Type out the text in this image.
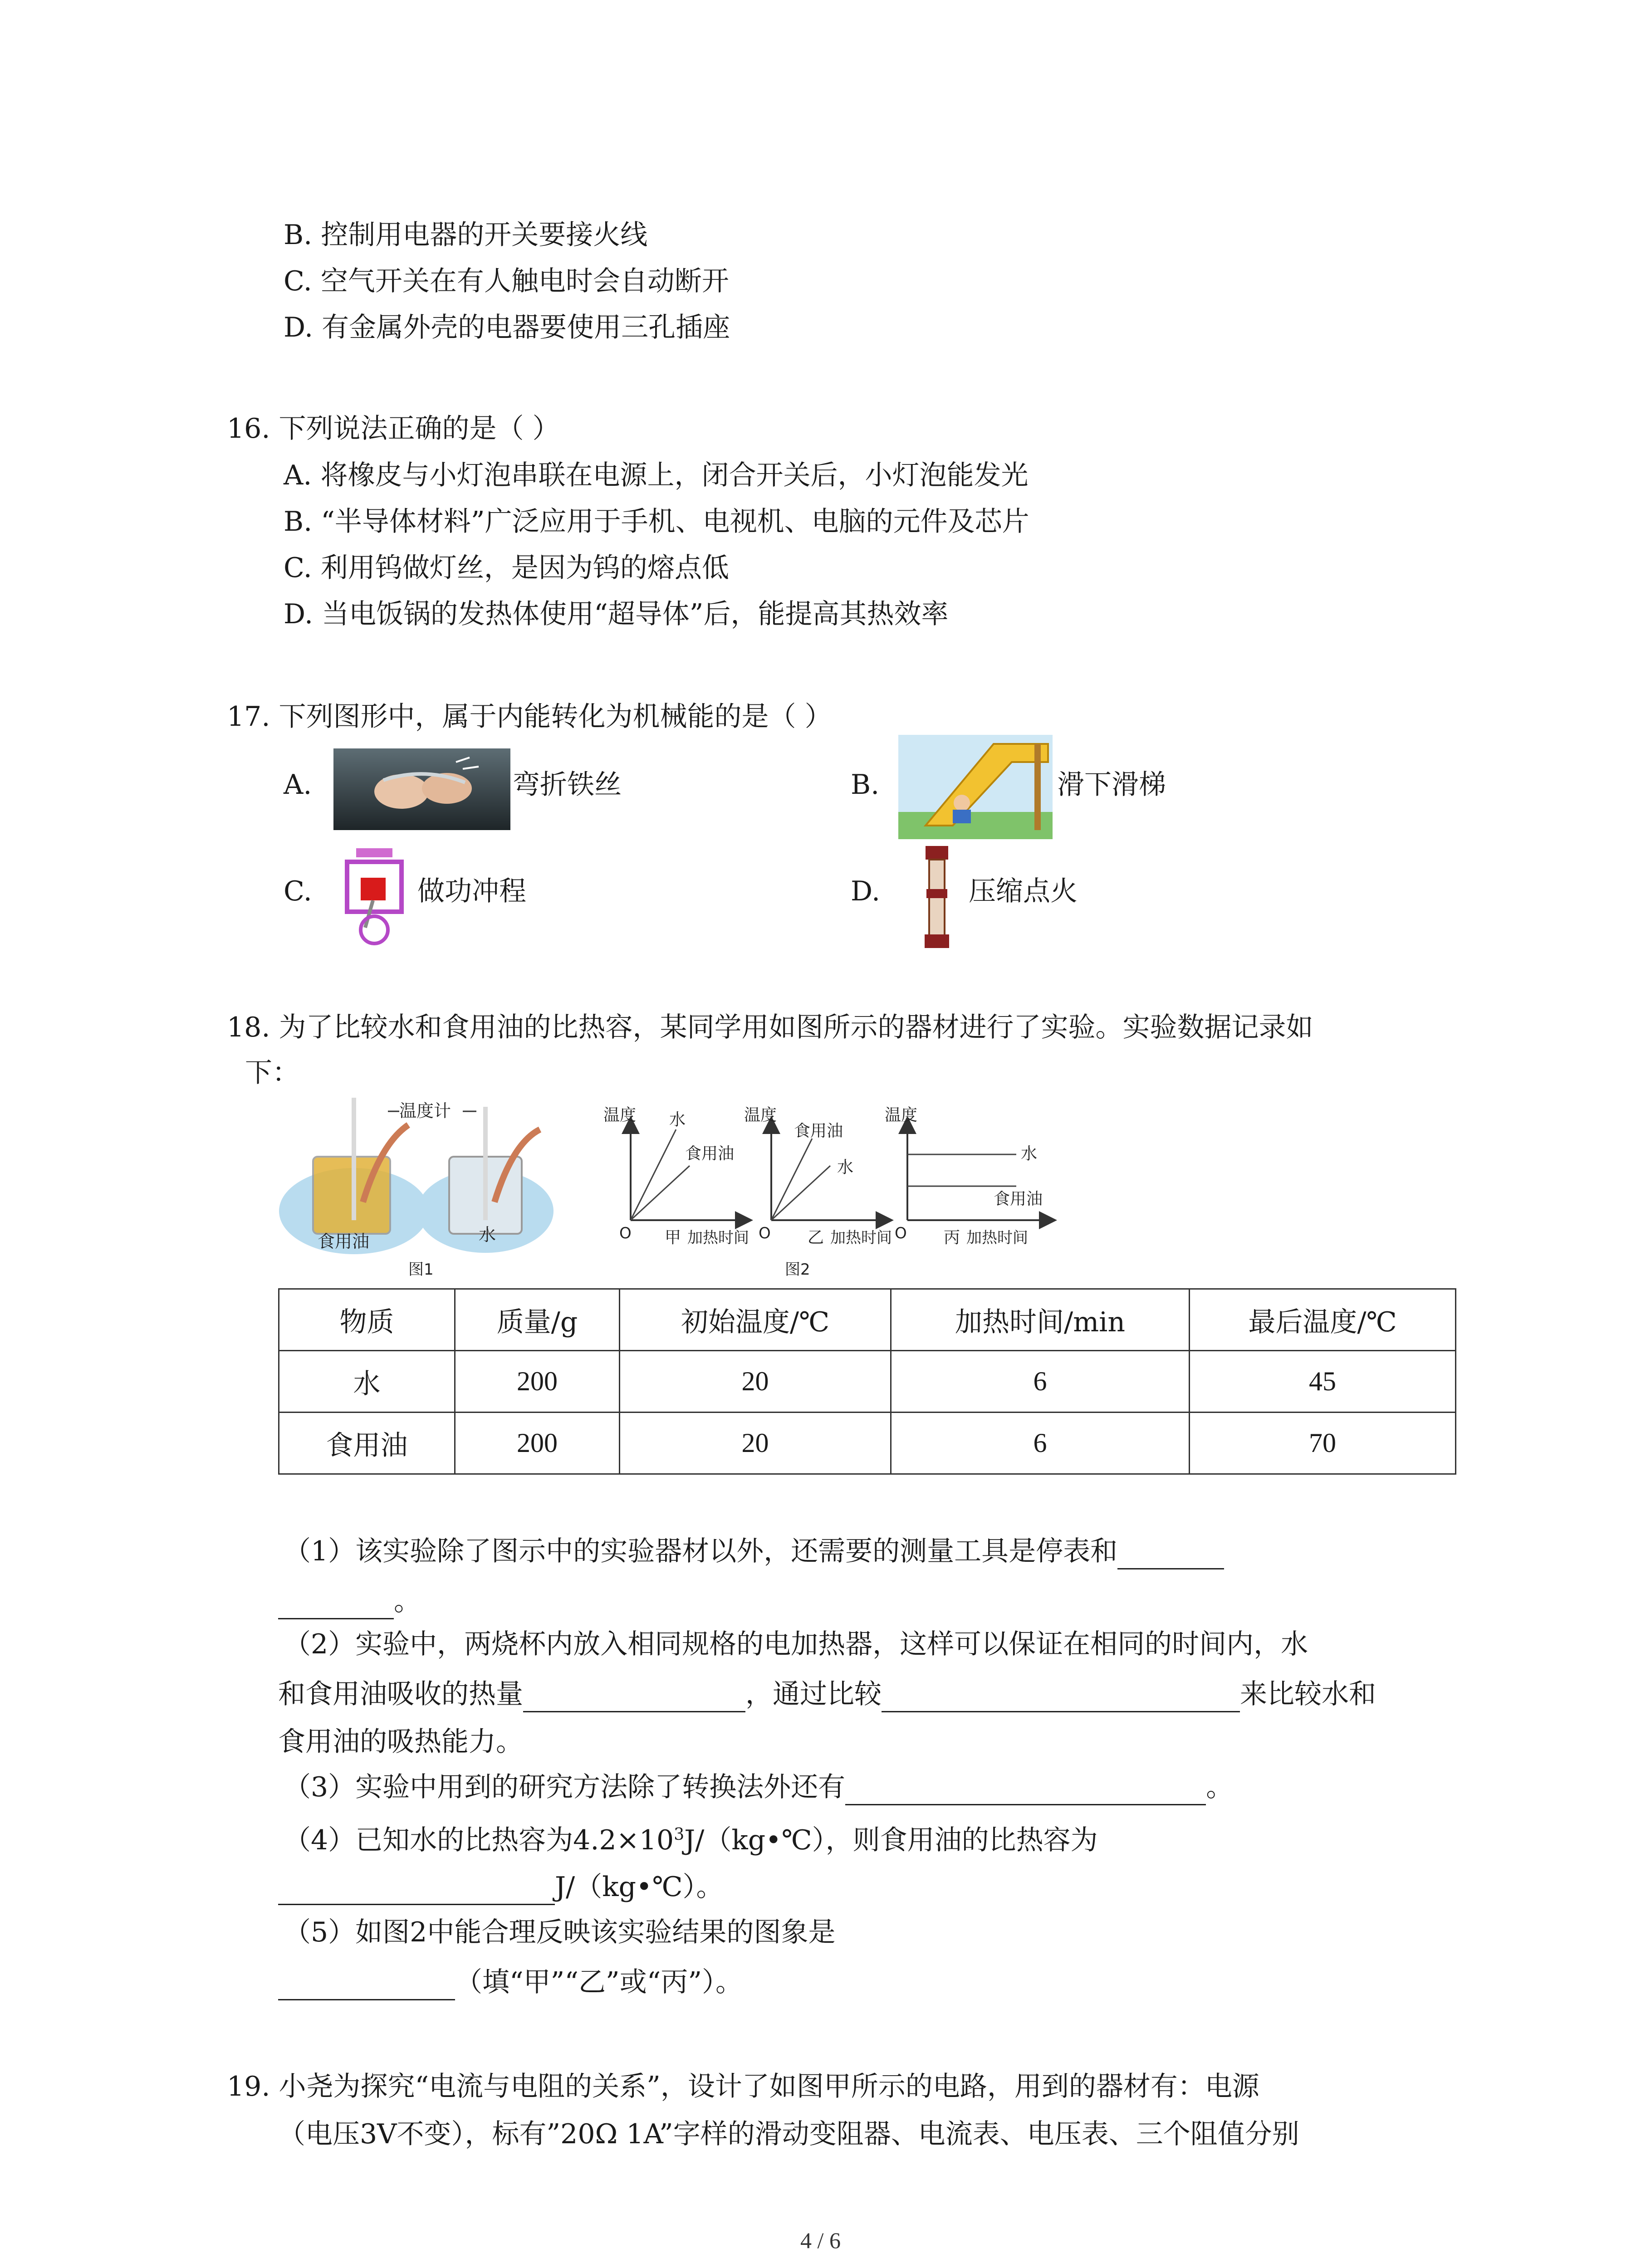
B. 控制用电器的开关要接火线
C. 空气开关在有人触电时会自动断开
D. 有金属外壳的电器要使用三孔插座
16. 下列说法正确的是（ ）
A. 将橡皮与小灯泡串联在电源上，闭合开关后，小灯泡能发光
B. “半导体材料”广泛应用于手机、电视机、电脑的元件及芯片
C. 利用钨做灯丝，是因为钨的熔点低
D. 当电饭锅的发热体使用“超导体”后，能提高其热效率
17. 下列图形中，属于内能转化为机械能的是（ ）
A.	弯折铁丝	B.	滑下滑梯
C.	做功冲程	D.	压缩点火
18. 为了比较水和食用油的比热容，某同学用如图所示的器材进行了实验。实验数据记录如
下：
温度计
食用油	水
图1
温度
O
水
食用油
甲 加热时间
温度
O
食用油
水
乙 加热时间
温度
O
水
食用油
丙 加热时间
图2
物质	质量/g	初始温度/℃	加热时间/min	最后温度/℃
水	200	20	6	45
食用油	200	20	6	70
（1）该实验除了图示中的实验器材以外，还需要的测量工具是停表和
。
（2）实验中，两烧杯内放入相同规格的电加热器，这样可以保证在相同的时间内，水
和食用油吸收的热量	，通过比较	来比较水和
食用油的吸热能力。
（3）实验中用到的研究方法除了转换法外还有	。
（4）已知水的比热容为$4.2\times 10^3J/(kg•℃)$，则食用油的比热容为
J/（kg•℃）。
（5）如图2中能合理反映该实验结果的图象是
（填“甲”“乙”或“丙”）。
19. 小尧为探究“电流与电阻的关系”，设计了如图甲所示的电路，用到的器材有：电源
（电压3V不变），标有”20Ω 1A”字样的滑动变阻器、电流表、电压表、三个阻值分别
4 / 6
